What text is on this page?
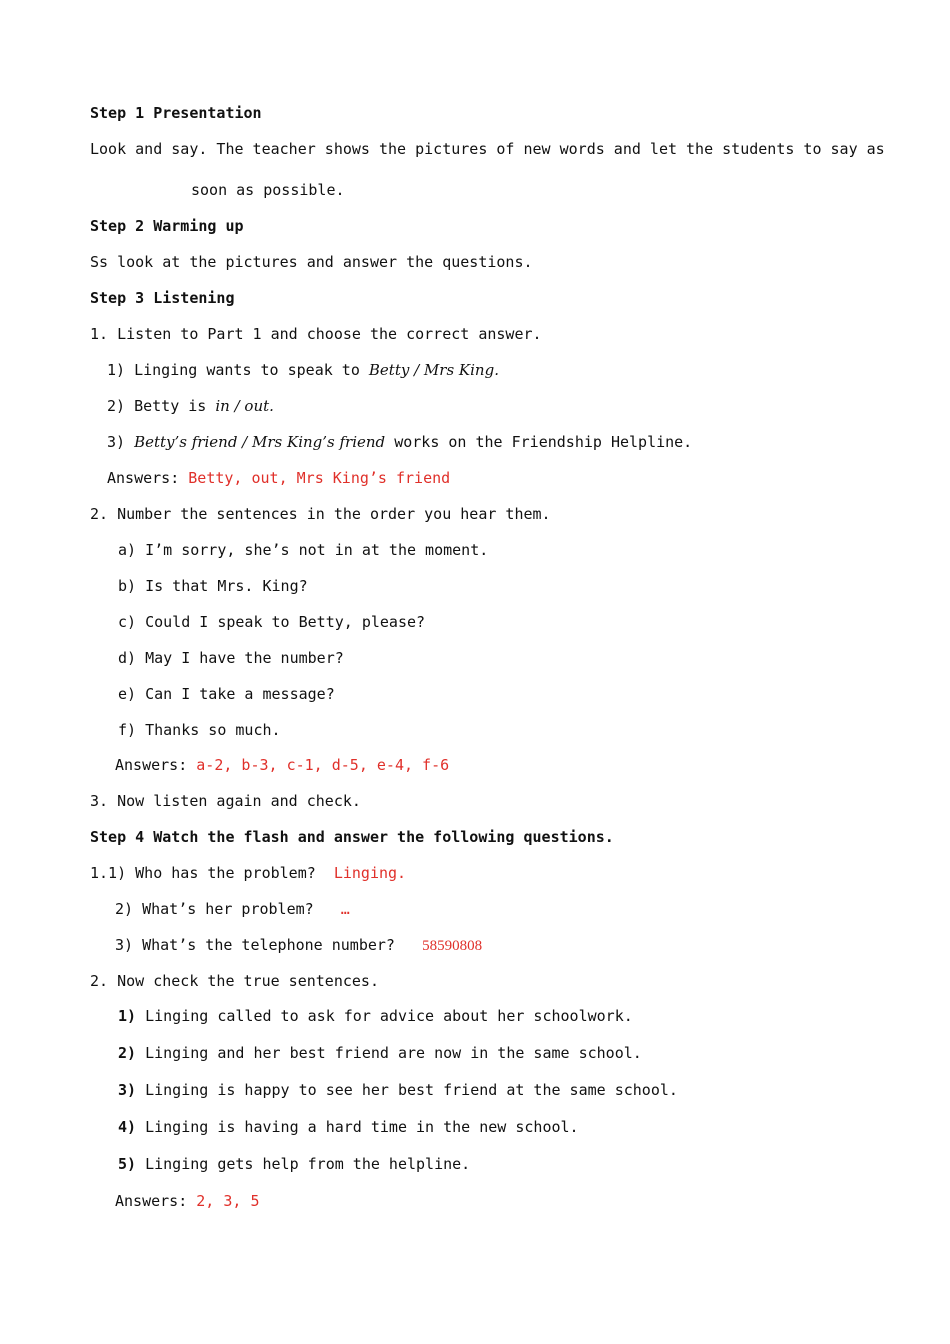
Step 1 Presentation
Look and say. The teacher shows the pictures of new words and let the students to say as
soon as possible.
Step 2 Warming up
Ss look at the pictures and answer the questions.
Step 3 Listening
1. Listen to Part 1 and choose the correct answer.
1) Linging wants to speak to Betty / Mrs King.
2) Betty is in / out.
3) Betty’s friend / Mrs King’s friend works on the Friendship Helpline.
Answers: Betty, out, Mrs King’s friend
2. Number the sentences in the order you hear them.
a) I’m sorry, she’s not in at the moment.
b) Is that Mrs. King?
c) Could I speak to Betty, please?
d) May I have the number?
e) Can I take a message?
f) Thanks so much.
Answers: a-2, b-3, c-1, d-5, e-4, f-6
3. Now listen again and check.
Step 4 Watch the flash and answer the following questions.
1.1) Who has the problem? Linging.
2) What’s her problem? …
3) What’s the telephone number? 58590808
2. Now check the true sentences.
1) Linging called to ask for advice about her schoolwork.
2) Linging and her best friend are now in the same school.
3) Linging is happy to see her best friend at the same school.
4) Linging is having a hard time in the new school.
5) Linging gets help from the helpline.
Answers: 2, 3, 5
